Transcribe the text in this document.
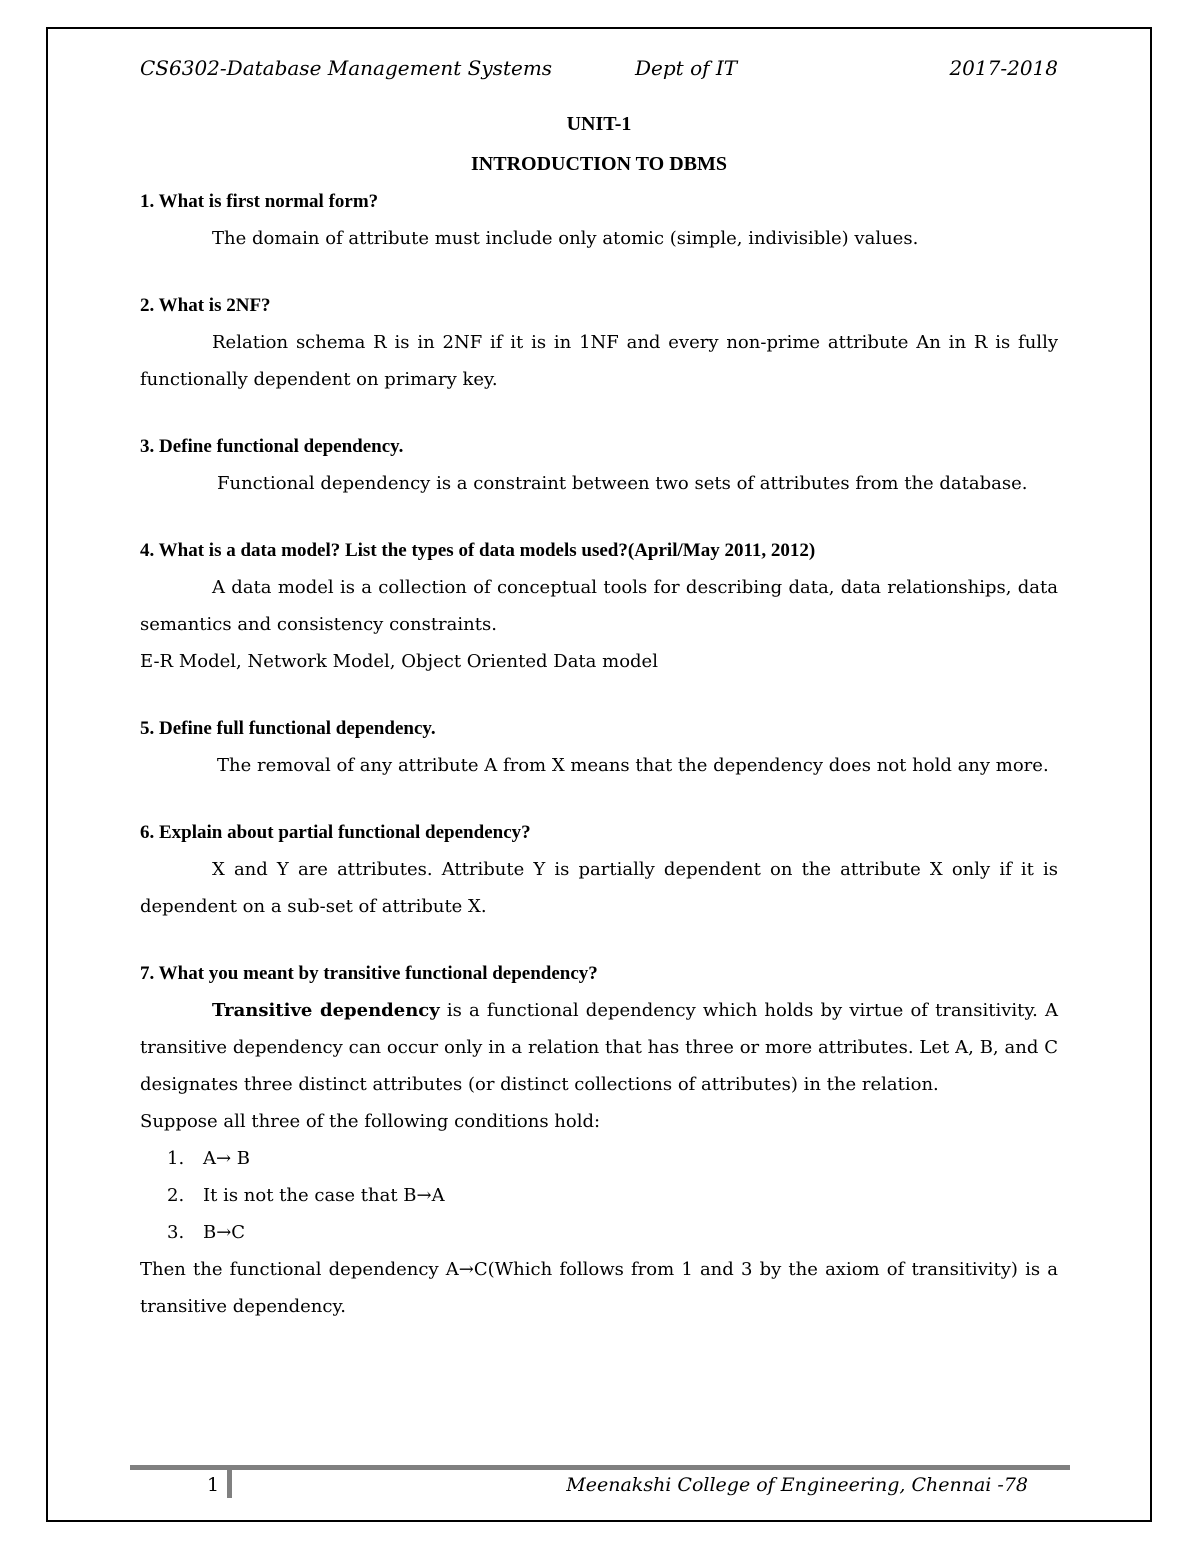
CS6302-Database Management Systems	Dept of IT	2017-2018
UNIT-1
INTRODUCTION TO DBMS

1. What is first normal form?

The domain of attribute must include only atomic (simple, indivisible) values.

2. What is 2NF?

Relation schema R is in 2NF if it is in 1NF and every non-prime attribute An in R is fully functionally dependent on primary key.

3. Define functional dependency.

Functional dependency is a constraint between two sets of attributes from the database.

4. What is a data model? List the types of data models used?(April/May 2011, 2012)

A data model is a collection of conceptual tools for describing data, data relationships, data semantics and consistency constraints.

E-R Model, Network Model, Object Oriented Data model

5. Define full functional dependency.

The removal of any attribute A from X means that the dependency does not hold any more.

6. Explain about partial functional dependency?

X and Y are attributes. Attribute Y is partially dependent on the attribute X only if it is dependent on a sub-set of attribute X.

7. What you meant by transitive functional dependency?

Transitive dependency is a functional dependency which holds by virtue of transitivity. A transitive dependency can occur only in a relation that has three or more attributes. Let A, B, and C designates three distinct attributes (or distinct collections of attributes) in the relation.

Suppose all three of the following conditions hold:

1. A→ B
2. It is not the case that B→A
3. B→C

Then the functional dependency A→C(Which follows from 1 and 3 by the axiom of transitivity) is a transitive dependency.

1	Meenakshi College of Engineering, Chennai -78
